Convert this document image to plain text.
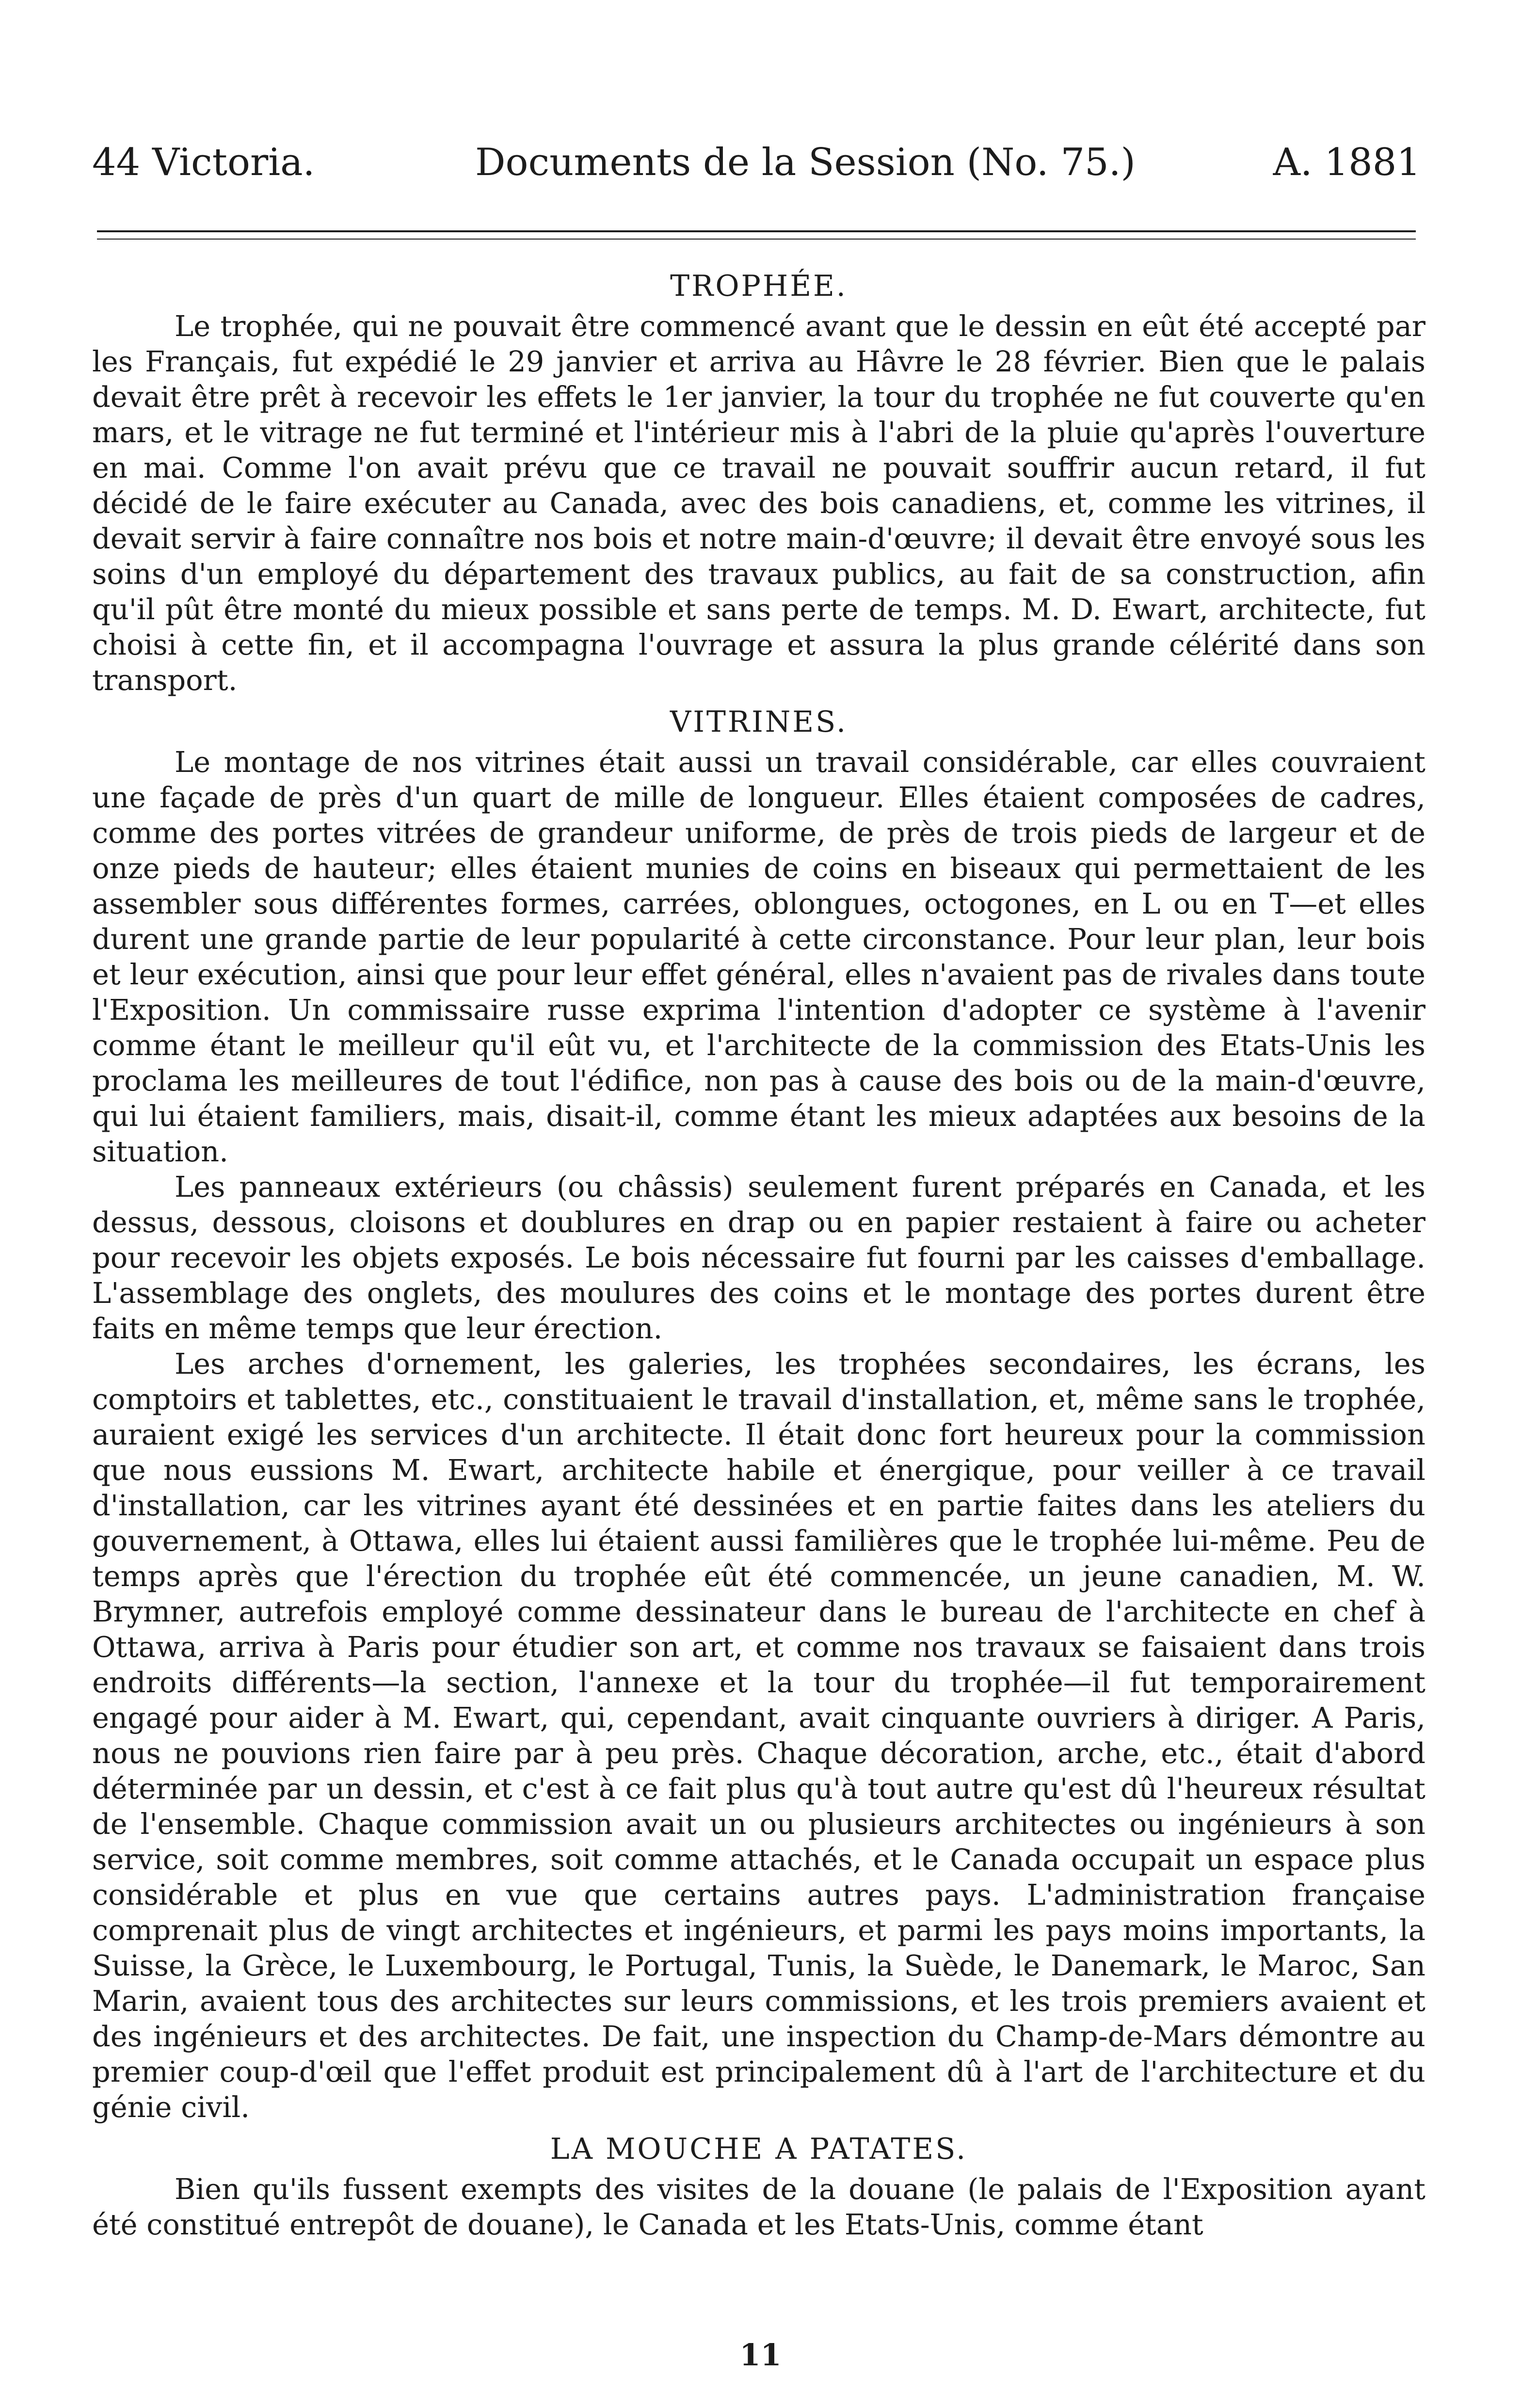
44 Victoria.	Documents de la Session (No. 75.)	A. 1881
TROPHÉE.

Le trophée, qui ne pouvait être commencé avant que le dessin en eût été accepté par les Français, fut expédié le 29 janvier et arriva au Hâvre le 28 février. Bien que le palais devait être prêt à recevoir les effets le 1er janvier, la tour du trophée ne fut couverte qu'en mars, et le vitrage ne fut terminé et l'intérieur mis à l'abri de la pluie qu'après l'ouverture en mai. Comme l'on avait prévu que ce travail ne pouvait souffrir aucun retard, il fut décidé de le faire exécuter au Canada, avec des bois canadiens, et, comme les vitrines, il devait servir à faire connaître nos bois et notre main-d'œuvre; il devait être envoyé sous les soins d'un employé du département des travaux publics, au fait de sa construction, afin qu'il pût être monté du mieux possible et sans perte de temps. M. D. Ewart, architecte, fut choisi à cette fin, et il accompagna l'ouvrage et assura la plus grande célérité dans son transport.

VITRINES.

Le montage de nos vitrines était aussi un travail considérable, car elles couvraient une façade de près d'un quart de mille de longueur. Elles étaient composées de cadres, comme des portes vitrées de grandeur uniforme, de près de trois pieds de largeur et de onze pieds de hauteur; elles étaient munies de coins en biseaux qui permettaient de les assembler sous différentes formes, carrées, oblongues, octogones, en L ou en T—et elles durent une grande partie de leur popularité à cette circonstance. Pour leur plan, leur bois et leur exécution, ainsi que pour leur effet général, elles n'avaient pas de rivales dans toute l'Exposition. Un commissaire russe exprima l'intention d'adopter ce système à l'avenir comme étant le meilleur qu'il eût vu, et l'architecte de la commission des Etats-Unis les proclama les meilleures de tout l'édifice, non pas à cause des bois ou de la main-d'œuvre, qui lui étaient familiers, mais, disait-il, comme étant les mieux adaptées aux besoins de la situation.

Les panneaux extérieurs (ou châssis) seulement furent préparés en Canada, et les dessus, dessous, cloisons et doublures en drap ou en papier restaient à faire ou acheter pour recevoir les objets exposés. Le bois nécessaire fut fourni par les caisses d'emballage. L'assemblage des onglets, des moulures des coins et le montage des portes durent être faits en même temps que leur érection.

Les arches d'ornement, les galeries, les trophées secondaires, les écrans, les comptoirs et tablettes, etc., constituaient le travail d'installation, et, même sans le trophée, auraient exigé les services d'un architecte. Il était donc fort heureux pour la commission que nous eussions M. Ewart, architecte habile et énergique, pour veiller à ce travail d'installation, car les vitrines ayant été dessinées et en partie faites dans les ateliers du gouvernement, à Ottawa, elles lui étaient aussi familières que le trophée lui-même. Peu de temps après que l'érection du trophée eût été commencée, un jeune canadien, M. W. Brymner, autrefois employé comme dessinateur dans le bureau de l'architecte en chef à Ottawa, arriva à Paris pour étudier son art, et comme nos travaux se faisaient dans trois endroits différents—la section, l'annexe et la tour du trophée—il fut temporairement engagé pour aider à M. Ewart, qui, cependant, avait cinquante ouvriers à diriger. A Paris, nous ne pouvions rien faire par à peu près. Chaque décoration, arche, etc., était d'abord déterminée par un dessin, et c'est à ce fait plus qu'à tout autre qu'est dû l'heureux résultat de l'ensemble. Chaque commission avait un ou plusieurs architectes ou ingénieurs à son service, soit comme membres, soit comme attachés, et le Canada occupait un espace plus considérable et plus en vue que certains autres pays. L'administration française comprenait plus de vingt architectes et ingénieurs, et parmi les pays moins importants, la Suisse, la Grèce, le Luxembourg, le Portugal, Tunis, la Suède, le Danemark, le Maroc, San Marin, avaient tous des architectes sur leurs commissions, et les trois premiers avaient et des ingénieurs et des architectes. De fait, une inspection du Champ-de-Mars démontre au premier coup-d'œil que l'effet produit est principalement dû à l'art de l'architecture et du génie civil.

LA MOUCHE A PATATES.

Bien qu'ils fussent exempts des visites de la douane (le palais de l'Exposition ayant été constitué entrepôt de douane), le Canada et les Etats-Unis, comme étant

11
